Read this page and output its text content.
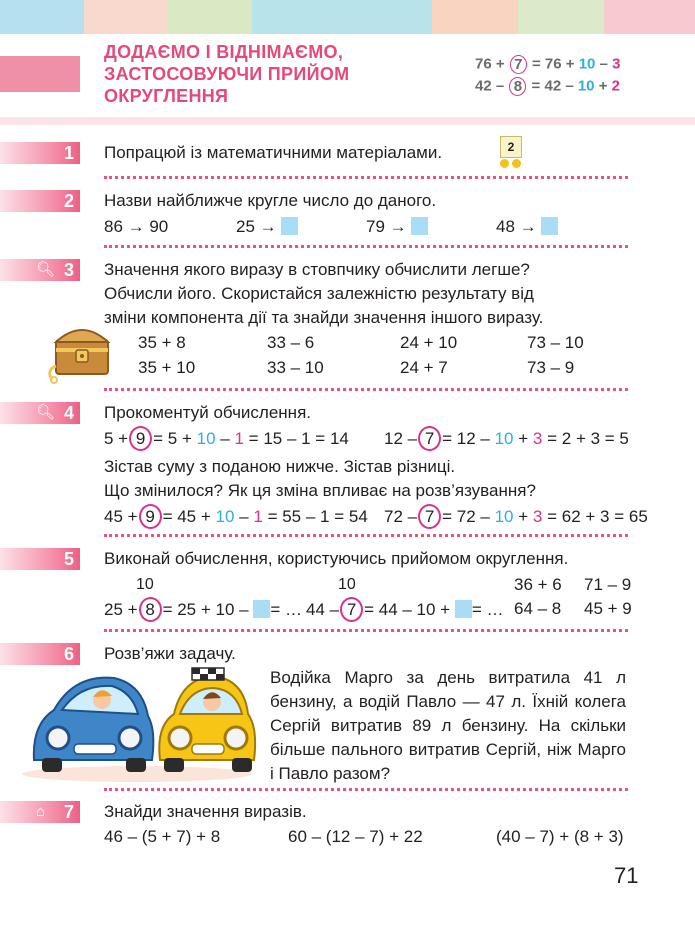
ДОДАЄМО І ВІДНІМАЄМО,
ЗАСТОСОВУЮЧИ ПРИЙОМ
ОКРУГЛЕННЯ
76 + 7 = 76 + 10 – 3
42 – 8 = 42 – 10 + 2
1 Попрацюй із математичними матеріалами.	2
2 Назви найближче кругле число до даного.
86 → 90	25 →	79 →	48 →
🔍︎ 3 Значення якого виразу в стовпчику обчислити легше?
Обчисли його. Скористайся залежністю результату від
зміни компонента дії та знайди значення іншого виразу.
35 + 8	33 – 6	24 + 10	73 – 10
35 + 10	33 – 10	24 + 7	73 – 9
🔍︎ 4 Прокоментуй обчислення.
5 + 9 = 5 + 10 – 1 = 15 – 1 = 14 12 – 7 = 12 – 10 + 3 = 2 + 3 = 5
Зістав суму з поданою нижче. Зістав різниці.
Що змінилося? Як ця зміна впливає на розв’язування?
45 + 9 = 45 + 10 – 1 = 55 – 1 = 54 72 – 7 = 72 – 10 + 3 = 62 + 3 = 65
5 Виконай обчислення, користуючись прийомом округлення.
10	10
25 + 8 = 25 + 10 – = … 44 – 7 = 44 – 10 + = …
36 + 6 71 – 9
64 – 8 45 + 9
6 Розв’яжи задачу.
Водійка Марго за день витратила 41 л бензину, а водій Павло — 47 л. Їхній колега Сергій витратив 89 л бензину. На скільки більше пального витратив Сергій, ніж Марго і Павло разом?
⌂ 7 Знайди значення виразів.
46 – (5 + 7) + 8	60 – (12 – 7) + 22	(40 – 7) + (8 + 3)
71
